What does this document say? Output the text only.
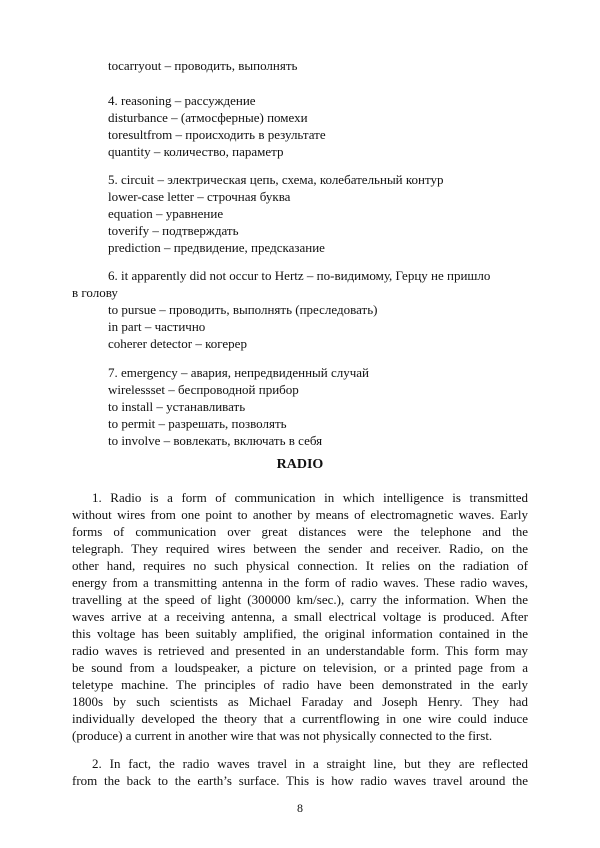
tocarryout – проводить, выполнять
4. reasoning – рассуждение
disturbance – (атмосферные) помехи
toresultfrom – происходить в результате
quantity – количество, параметр
5. circuit – электрическая цепь, схема, колебательный контур
lower-case letter – строчная буква
equation – уравнение
toverify – подтверждать
prediction – предвидение, предсказание
6. it apparently did not occur to Hertz – по-видимому, Герцу не пришло
в голову
to pursue – проводить, выполнять (преследовать)
in part – частично
coherer detector – когерер
7. emergency – авария, непредвиденный случай
wirelessset – беспроводной прибор
to install – устанавливать
to permit – разрешать, позволять
to involve – вовлекать, включать в себя
RADIO
1. Radio is a form of communication in which intelligence is transmitted
without wires from one point to another by means of electromagnetic waves. Early
forms of communication over great distances were the telephone and the
telegraph. They required wires between the sender and receiver. Radio, on the
other hand, requires no such physical connection. It relies on the radiation of
energy from a transmitting antenna in the form of radio waves. These radio waves,
travelling at the speed of light (300000 km/sec.), carry the information. When the
waves arrive at a receiving antenna, a small electrical voltage is produced. After
this voltage has been suitably amplified, the original information contained in the
radio waves is retrieved and presented in an understandable form. This form may
be sound from a loudspeaker, a picture on television, or a printed page from a
teletype machine. The principles of radio have been demonstrated in the early
1800s by such scientists as Michael Faraday and Joseph Henry. They had
individually developed the theory that a currentflowing in one wire could induce
(produce) a current in another wire that was not physically connected to the first.
2. In fact, the radio waves travel in a straight line, but they are reflected
from the back to the earth’s surface. This is how radio waves travel around the
8
